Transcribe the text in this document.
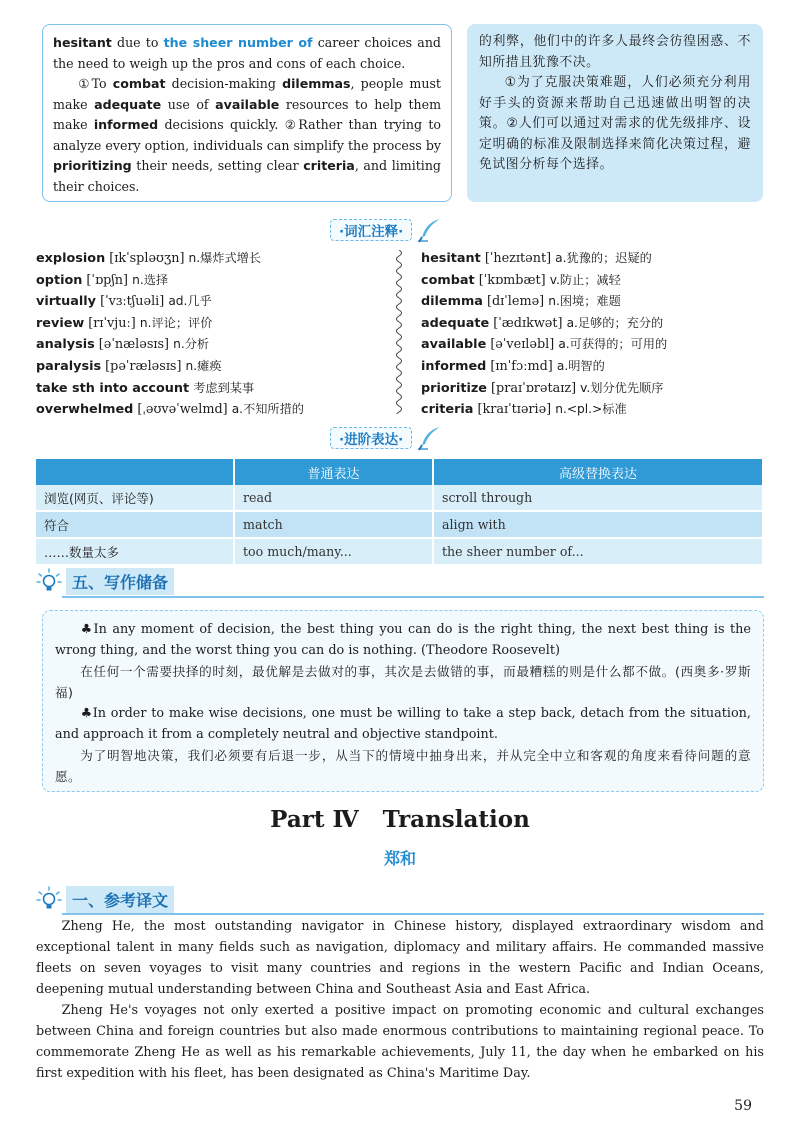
hesitant due to the sheer number of career choices and the need to weigh up the pros and cons of each choice.

①To combat decision-making dilemmas, people must make adequate use of available resources to help them make informed decisions quickly. ②Rather than trying to analyze every option, individuals can simplify the process by prioritizing their needs, setting clear criteria, and limiting their choices.

的利弊，他们中的许多人最终会彷徨困惑、不知所措且犹豫不决。

①为了克服决策难题，人们必须充分利用好手头的资源来帮助自己迅速做出明智的决策。②人们可以通过对需求的优先级排序、设定明确的标准及限制选择来简化决策过程，避免试图分析每个选择。

·词汇注释·
explosion [ɪkˈspləʊʒn] n.爆炸式增长
option [ˈɒpʃn] n.选择
virtually [ˈvɜːtʃuəli] ad.几乎
review [rɪˈvjuː] n.评论；评价
analysis [əˈnæləsɪs] n.分析
paralysis [pəˈræləsɪs] n.瘫痪
take sth into account 考虑到某事
overwhelmed [ˌəʊvəˈwelmd] a.不知所措的
hesitant [ˈhezɪtənt] a.犹豫的；迟疑的
combat [ˈkɒmbæt] v.防止；减轻
dilemma [dɪˈlemə] n.困境；难题
adequate [ˈædɪkwət] a.足够的；充分的
available [əˈveɪləbl] a.可获得的；可用的
informed [ɪnˈfɔːmd] a.明智的
prioritize [praɪˈɒrətaɪz] v.划分优先顺序
criteria [kraɪˈtɪəriə] n.<pl.>标准
·进阶表达·
	普通表达	高级替换表达
浏览(网页、评论等)	read	scroll through
符合	match	align with
……数量太多	too much/many...	the sheer number of...
五、写作储备

♣In any moment of decision, the best thing you can do is the right thing, the next best thing is the wrong thing, and the worst thing you can do is nothing. (Theodore Roosevelt)

在任何一个需要抉择的时刻，最优解是去做对的事，其次是去做错的事，而最糟糕的则是什么都不做。(西奥多·罗斯福)

♣In order to make wise decisions, one must be willing to take a step back, detach from the situation, and approach it from a completely neutral and objective standpoint.

为了明智地决策，我们必须要有后退一步，从当下的情境中抽身出来，并从完全中立和客观的角度来看待问题的意愿。

Part Ⅳ   Translation
郑和
一、参考译文

Zheng He, the most outstanding navigator in Chinese history, displayed extraordinary wisdom and exceptional talent in many fields such as navigation, diplomacy and military affairs. He commanded massive fleets on seven voyages to visit many countries and regions in the western Pacific and Indian Oceans, deepening mutual understanding between China and Southeast Asia and East Africa.

Zheng He's voyages not only exerted a positive impact on promoting economic and cultural exchanges between China and foreign countries but also made enormous contributions to maintaining regional peace. To commemorate Zheng He as well as his remarkable achievements, July 11, the day when he embarked on his first expedition with his fleet, has been designated as China's Maritime Day.

59
